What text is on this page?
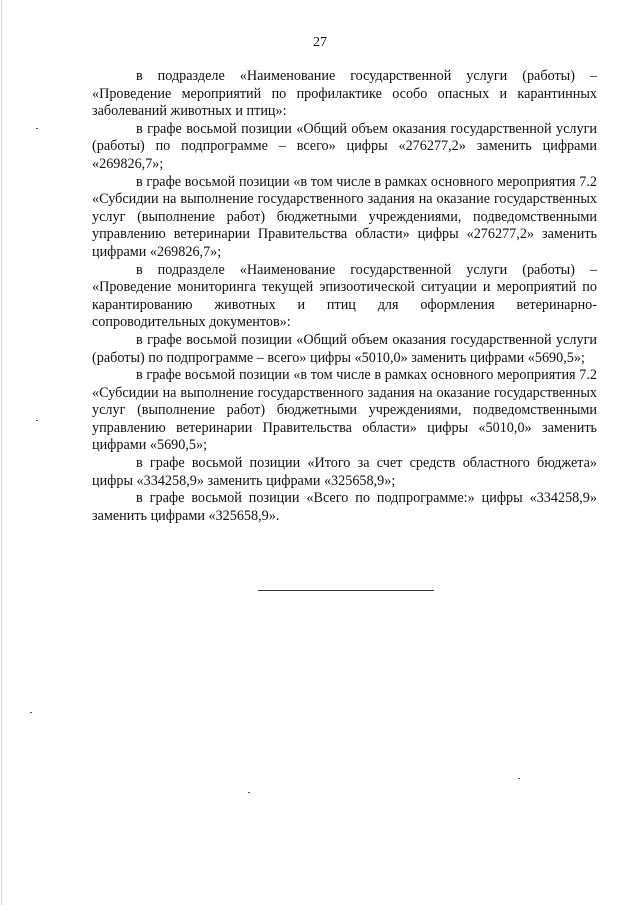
27

в подразделе «Наименование государственной услуги (работы) – «Проведение мероприятий по профилактике особо опасных и карантинных заболеваний животных и птиц»:

в графе восьмой позиции «Общий объем оказания государственной услуги (работы) по подпрограмме – всего» цифры «276277,2» заменить цифрами «269826,7»;

в графе восьмой позиции «в том числе в рамках основного мероприятия 7.2 «Субсидии на выполнение государственного задания на оказание государственных услуг (выполнение работ) бюджетными учреждениями, подведомственными управлению ветеринарии Правительства области» цифры «276277,2» заменить цифрами «269826,7»;

в подразделе «Наименование государственной услуги (работы) – «Проведение мониторинга текущей эпизоотической ситуации и мероприятий по карантированию животных и птиц для оформления ветеринарно-сопроводительных документов»:

в графе восьмой позиции «Общий объем оказания государственной услуги (работы) по подпрограмме – всего» цифры «5010,0» заменить цифрами «5690,5»;

в графе восьмой позиции «в том числе в рамках основного мероприятия 7.2 «Субсидии на выполнение государственного задания на оказание государственных услуг (выполнение работ) бюджетными учреждениями, подведомственными управлению ветеринарии Правительства области» цифры «5010,0» заменить цифрами «5690,5»;

в графе восьмой позиции «Итого за счет средств областного бюджета» цифры «334258,9» заменить цифрами «325658,9»;

в графе восьмой позиции «Всего по подпрограмме:» цифры «334258,9» заменить цифрами «325658,9».
